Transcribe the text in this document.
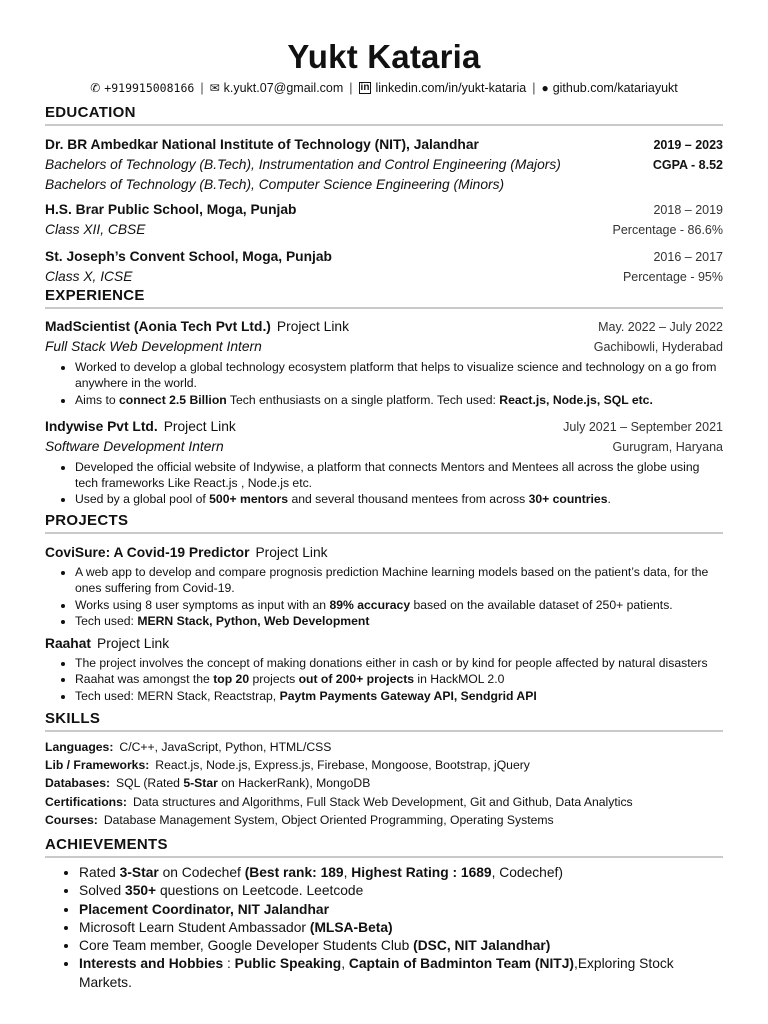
Yukt Kataria
✆ +919915008166 | ✉ k.yukt.07@gmail.com | in linkedin.com/in/yukt-kataria | ● github.com/katariayukt
EDUCATION
Dr. BR Ambedkar National Institute of Technology (NIT), Jalandhar	2019 – 2023
Bachelors of Technology (B.Tech), Instrumentation and Control Engineering (Majors)	CGPA - 8.52
Bachelors of Technology (B.Tech), Computer Science Engineering (Minors)
H.S. Brar Public School, Moga, Punjab	2018 – 2019
Class XII, CBSE	Percentage - 86.6%
St. Joseph’s Convent School, Moga, Punjab	2016 – 2017
Class X, ICSE	Percentage - 95%
EXPERIENCE
MadScientist (Aonia Tech Pvt Ltd.) Project Link	May. 2022 – July 2022
Full Stack Web Development Intern	Gachibowli, Hyderabad
• Worked to develop a global technology ecosystem platform that helps to visualize science and technology on a go from anywhere in the world.
• Aims to connect 2.5 Billion Tech enthusiasts on a single platform. Tech used: React.js, Node.js, SQL etc.
Indywise Pvt Ltd. Project Link	July 2021 – September 2021
Software Development Intern	Gurugram, Haryana
• Developed the official website of Indywise, a platform that connects Mentors and Mentees all across the globe using tech frameworks Like React.js , Node.js etc.
• Used by a global pool of 500+ mentors and several thousand mentees from across 30+ countries.
PROJECTS
CoviSure: A Covid-19 Predictor Project Link
• A web app to develop and compare prognosis prediction Machine learning models based on the patient’s data, for the ones suffering from Covid-19.
• Works using 8 user symptoms as input with an 89% accuracy based on the available dataset of 250+ patients.
• Tech used: MERN Stack, Python, Web Development
Raahat Project Link
• The project involves the concept of making donations either in cash or by kind for people affected by natural disasters
• Raahat was amongst the top 20 projects out of 200+ projects in HackMOL 2.0
• Tech used: MERN Stack, Reactstrap, Paytm Payments Gateway API, Sendgrid API
SKILLS
Languages: C/C++, JavaScript, Python, HTML/CSS
Lib / Frameworks: React.js, Node.js, Express.js, Firebase, Mongoose, Bootstrap, jQuery
Databases: SQL (Rated 5-Star on HackerRank), MongoDB
Certifications: Data structures and Algorithms, Full Stack Web Development, Git and Github, Data Analytics
Courses: Database Management System, Object Oriented Programming, Operating Systems
ACHIEVEMENTS
• Rated 3-Star on Codechef (Best rank: 189, Highest Rating : 1689, Codechef)
• Solved 350+ questions on Leetcode. Leetcode
• Placement Coordinator, NIT Jalandhar
• Microsoft Learn Student Ambassador (MLSA-Beta)
• Core Team member, Google Developer Students Club (DSC, NIT Jalandhar)
• Interests and Hobbies : Public Speaking, Captain of Badminton Team (NITJ),Exploring Stock Markets.
